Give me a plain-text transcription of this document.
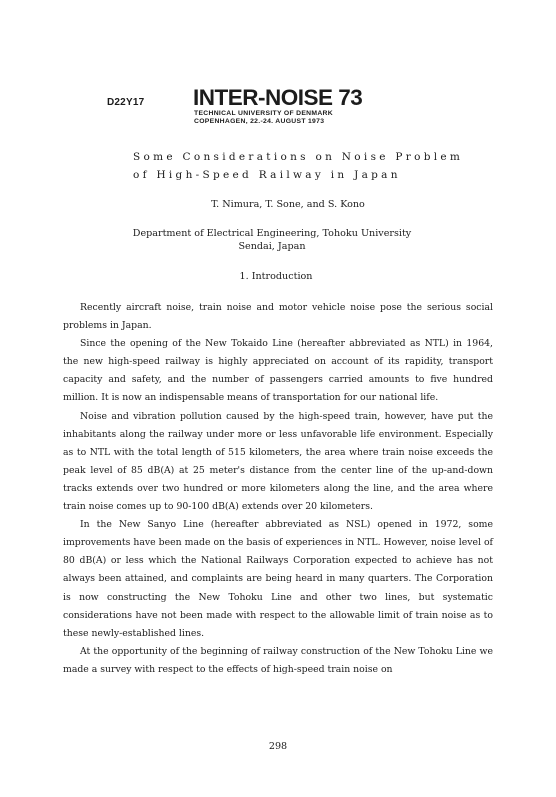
D22Y17 INTER-NOISE 73
TECHNICAL UNIVERSITY OF DENMARK
COPENHAGEN, 22.-24. AUGUST 1973
Some Considerations on Noise Problem
of High-Speed Railway in Japan
T. Nimura, T. Sone, and S. Kono
Department of Electrical Engineering, Tohoku University
Sendai, Japan
1. Introduction

Recently aircraft noise, train noise and motor vehicle noise pose the serious social problems in Japan.

Since the opening of the New Tokaido Line (hereafter abbreviated as NTL) in 1964, the new high-speed railway is highly appreciated on account of its rapidity, transport capacity and safety, and the number of passengers carried amounts to five hundred million. It is now an indispensable means of transportation for our national life.

Noise and vibration pollution caused by the high-speed train, however, have put the inhabitants along the railway under more or less unfavorable life environment. Especially as to NTL with the total length of 515 kilometers, the area where train noise exceeds the peak level of 85 dB(A) at 25 meter's distance from the center line of the up-and-down tracks extends over two hundred or more kilometers along the line, and the area where train noise comes up to 90-100 dB(A) extends over 20 kilometers.

In the New Sanyo Line (hereafter abbreviated as NSL) opened in 1972, some improvements have been made on the basis of experiences in NTL. However, noise level of 80 dB(A) or less which the National Railways Corporation expected to achieve has not always been attained, and complaints are being heard in many quarters. The Corporation is now constructing the New Tohoku Line and other two lines, but systematic considerations have not been made with respect to the allowable limit of train noise as to these newly-established lines.

At the opportunity of the beginning of railway construction of the New Tohoku Line we made a survey with respect to the effects of high-speed train noise on

298
